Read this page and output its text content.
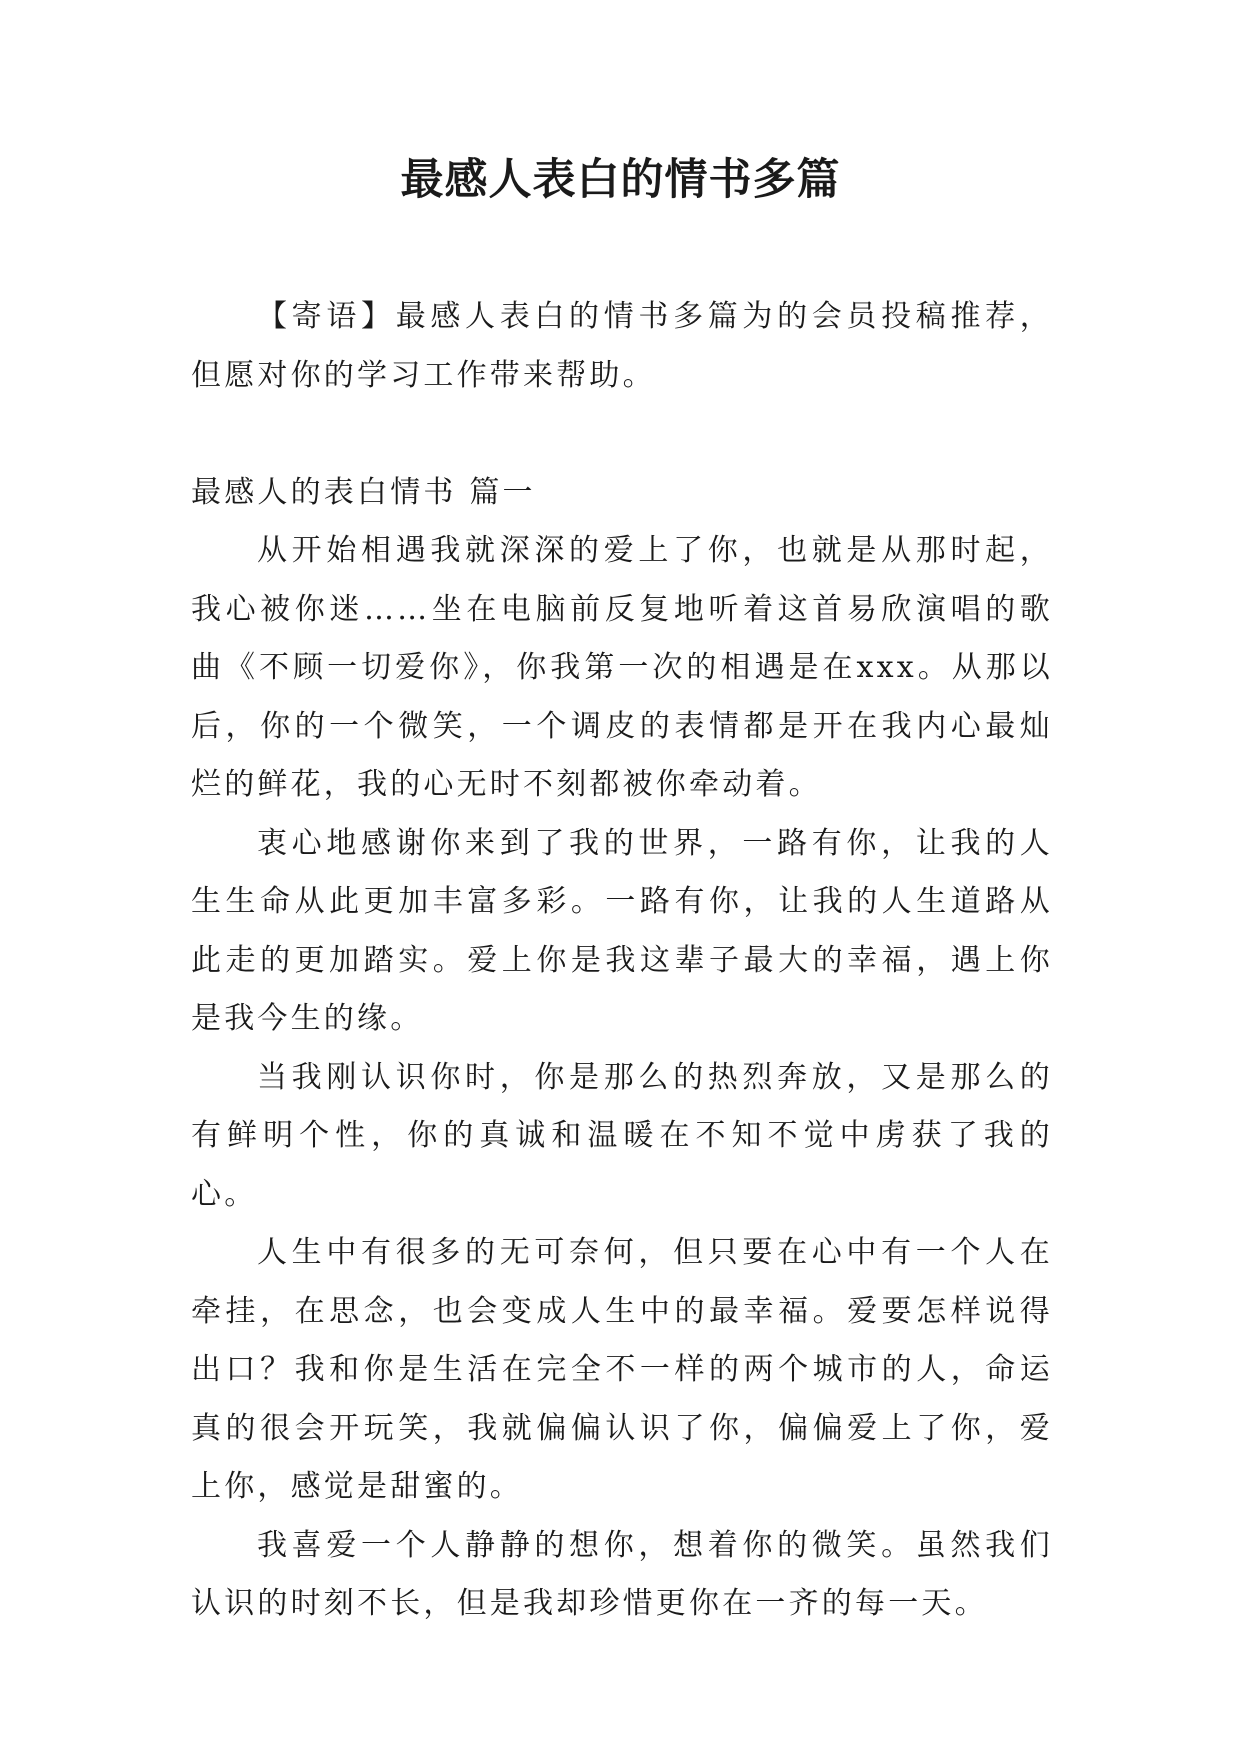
最感人表白的情书多篇

【寄语】最感人表白的情书多篇为的会员投稿推荐，但愿对你的学习工作带来帮助。

最感人的表白情书 篇一

从开始相遇我就深深的爱上了你，也就是从那时起，我心被你迷……坐在电脑前反复地听着这首易欣演唱的歌曲《不顾一切爱你》，你我第一次的相遇是在xxx。从那以后，你的一个微笑，一个调皮的表情都是开在我内心最灿烂的鲜花，我的心无时不刻都被你牵动着。

衷心地感谢你来到了我的世界，一路有你，让我的人生生命从此更加丰富多彩。一路有你，让我的人生道路从此走的更加踏实。爱上你是我这辈子最大的幸福，遇上你是我今生的缘。

当我刚认识你时，你是那么的热烈奔放，又是那么的有鲜明个性，你的真诚和温暖在不知不觉中虏获了我的心。

人生中有很多的无可奈何，但只要在心中有一个人在牵挂，在思念，也会变成人生中的最幸福。爱要怎样说得出口？我和你是生活在完全不一样的两个城市的人，命运真的很会开玩笑，我就偏偏认识了你，偏偏爱上了你，爱上你，感觉是甜蜜的。

我喜爱一个人静静的想你，想着你的微笑。虽然我们认识的时刻不长，但是我却珍惜更你在一齐的每一天。
